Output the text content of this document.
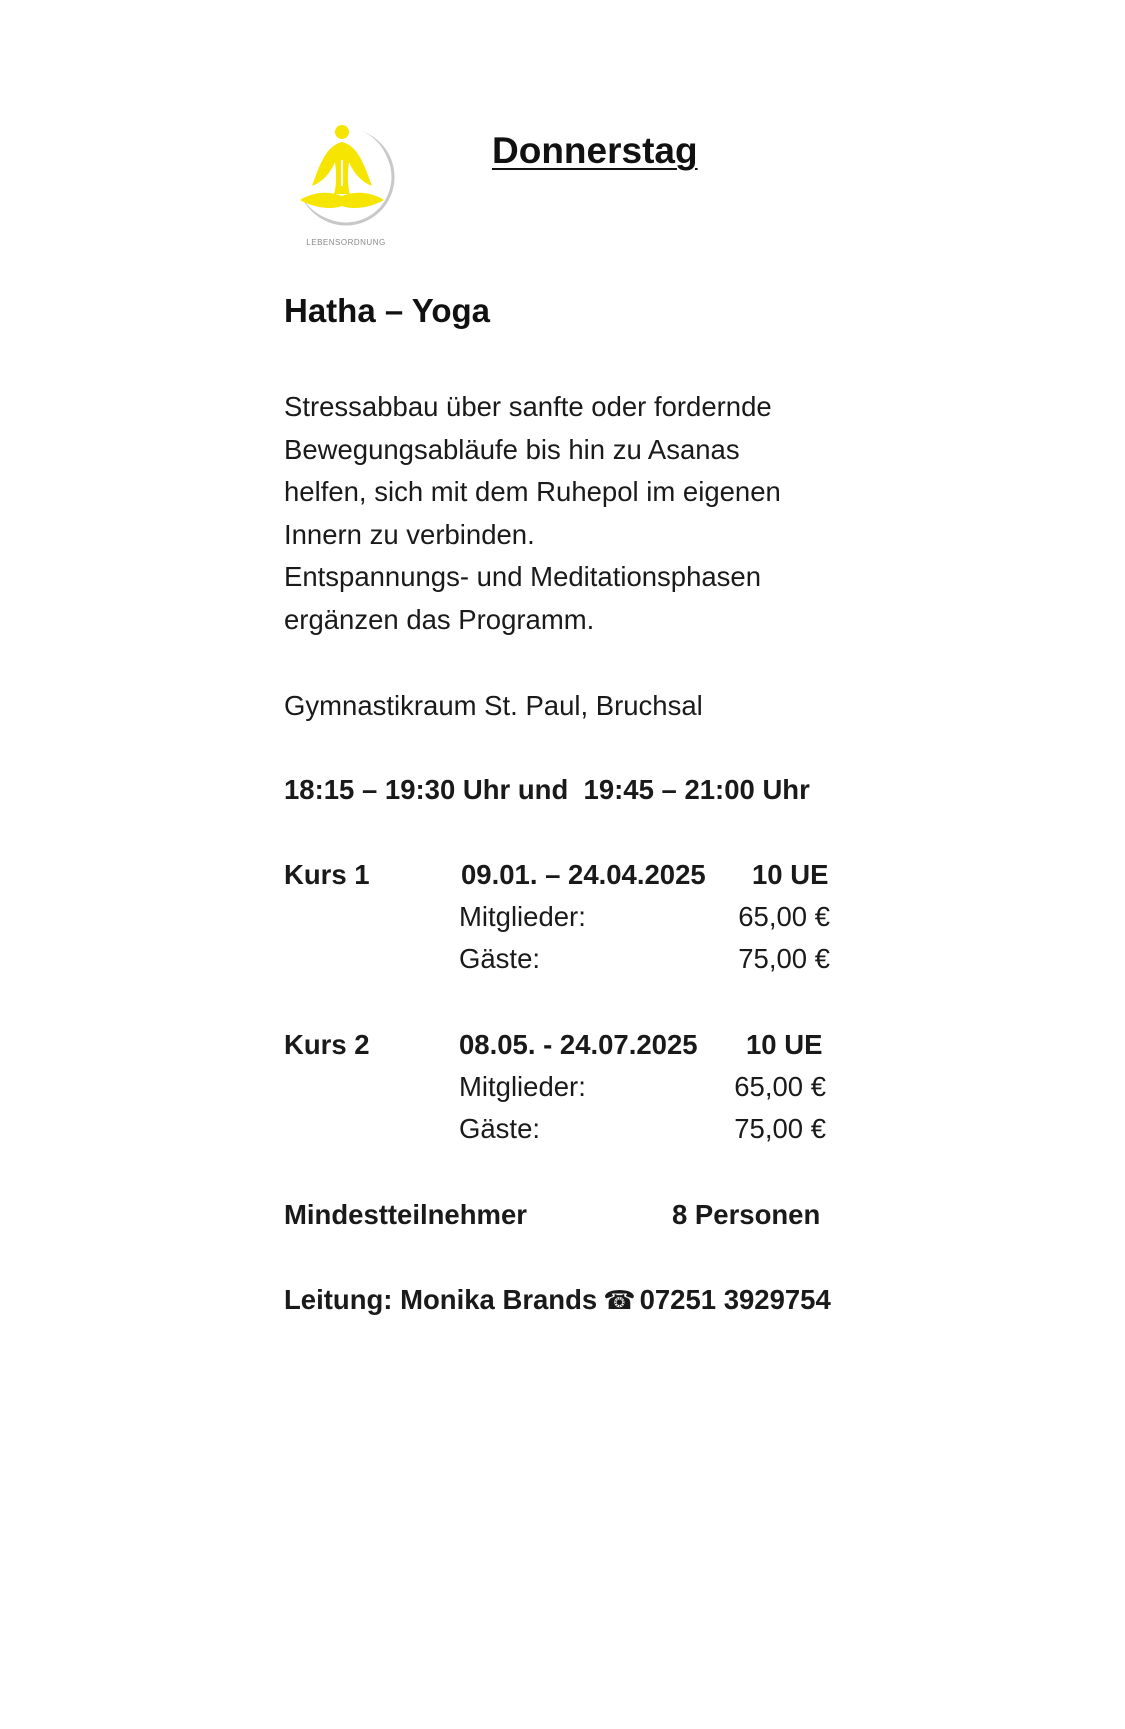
LEBENSORDNUNG
Donnerstag
Hatha – Yoga
Stressabbau über sanfte oder fordernde
Bewegungsabläufe bis hin zu Asanas
helfen, sich mit dem Ruhepol im eigenen
Innern zu verbinden.
Entspannungs- und Meditationsphasen
ergänzen das Programm.
Gymnastikraum St. Paul, Bruchsal
18:15 – 19:30 Uhr und  19:45 – 21:00 Uhr
Kurs 1	09.01. – 24.04.2025 10 UE
Mitglieder:	65,00 €
Gäste:	75,00 €
Kurs 2	08.05. - 24.07.2025 10 UE
Mitglieder:	65,00 €
Gäste:	75,00 €
Mindestteilnehmer	8 Personen
Leitung: Monika Brands ☎ 07251 3929754
